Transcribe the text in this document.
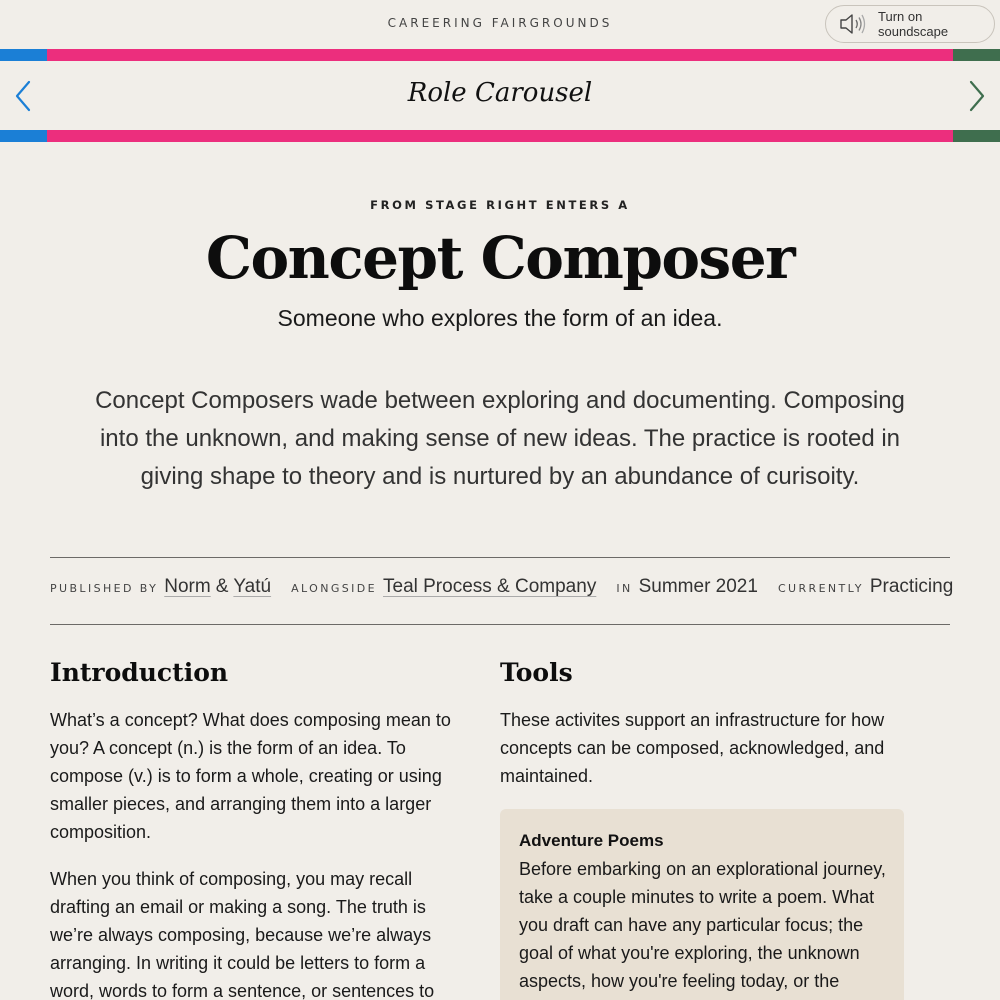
CAREERING FAIRGROUNDS	Turn on soundscape
Role Carousel
FROM STAGE RIGHT ENTERS A
Concept Composer
Someone who explores the form of an idea.

Concept Composers wade between exploring and documenting. Composing into the unknown, and making sense of new ideas. The practice is rooted in giving shape to theory and is nurtured by an abundance of curisoity.

PUBLISHED BY Norm & Yatú ALONGSIDE Teal Process & Company IN Summer 2021 CURRENTLY Practicing
Introduction

What’s a concept? What does composing mean to you? A concept (n.) is the form of an idea. To compose (v.) is to form a whole, creating or using smaller pieces, and arranging them into a larger composition.

When you think of composing, you may recall drafting an email or making a song. The truth is we’re always composing, because we’re always arranging. In writing it could be letters to form a word, words to form a sentence, or sentences to

Tools

These activites support an infrastructure for how concepts can be composed, acknowledged, and maintained.

Adventure Poems

Before embarking on an explorational journey, take a couple minutes to write a poem. What you draft can have any particular focus; the goal of what you're exploring, the unknown aspects, how you're feeling today, or the
